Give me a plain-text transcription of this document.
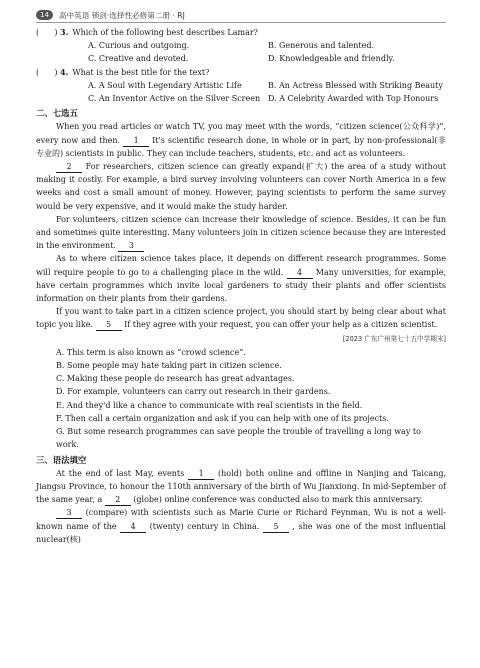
14	高中英语 锁剑·选择性必修第二册 · RJ
(      ) 3. Which of the following best describes Lamar?
A. Curious and outgoing.	B. Generous and talented.
C. Creative and devoted.	D. Knowledgeable and friendly.
(      ) 4. What is the best title for the text?
A. A Soul with Legendary Artistic Life	B. An Actress Blessed with Striking Beauty
C. An Inventor Active on the Silver Screen D. A Celebrity Awarded with Top Honours
二、七选五

When you read articles or watch TV, you may meet with the words, “citizen science(公众科学)”, every now and then. 1 It's scientific research done, in whole or in part, by non-professional(非专业的) scientists in public. They can include teachers, students, etc. and act as volunteers.

2 For researchers, citizen science can greatly expand(扩大) the area of a study without making it costly. For example, a bird survey involving volunteers can cover North America in a few weeks and cost a small amount of money. However, paying scientists to perform the same survey would be very expensive, and it would make the study harder.

For volunteers, citizen science can increase their knowledge of science. Besides, it can be fun and sometimes quite interesting. Many volunteers join in citizen science because they are interested in the environment. 3

As to where citizen science takes place, it depends on different research programmes. Some will require people to go to a challenging place in the wild. 4 Many universities, for example, have certain programmes which invite local gardeners to study their plants and offer scientists information on their plants from their gardens.

If you want to take part in a citizen science project, you should start by being clear about what topic you like. 5 If they agree with your request, you can offer your help as a citizen scientist.

[2023 广东广州第七十五中学期末]
A. This term is also known as “crowd science”.
B. Some people may hate taking part in citizen science.
C. Making these people do research has great advantages.
D. For example, volunteers can carry out research in their gardens.
E. And they'd like a chance to communicate with real scientists in the field.
F. Then call a certain organization and ask if you can help with one of its projects.
G. But some research programmes can save people the trouble of travelling a long way to work.
三、语法填空

At the end of last May, events 1 (hold) both online and offline in Nanjing and Taicang, Jiangsu Province, to honour the 110th anniversary of the birth of Wu Jianxiong. In mid-September of the same year, a 2 (globe) online conference was conducted also to mark this anniversary.

3 (compare) with scientists such as Marie Curie or Richard Feynman, Wu is not a well-known name of the 4 (twenty) century in China. 5 , she was one of the most influential nuclear(核)
